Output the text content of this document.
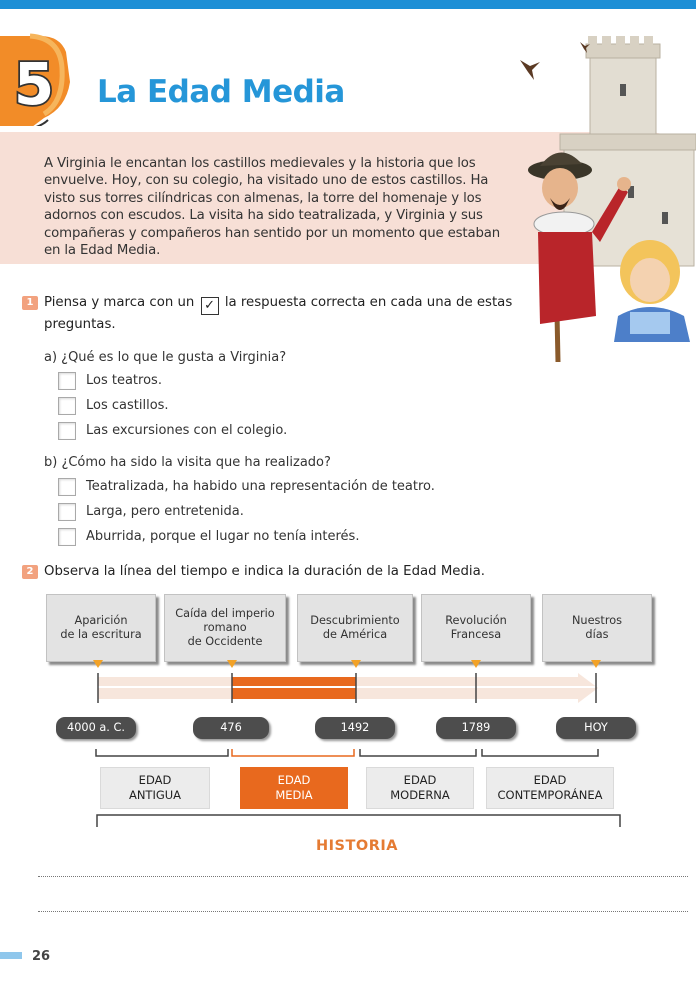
5 La Edad Media
A Virginia le encantan los castillos medievales y la historia que los envuelve. Hoy, con su colegio, ha visitado uno de estos castillos. Ha visto sus torres cilíndricas con almenas, la torre del homenaje y los adornos con escudos. La visita ha sido teatralizada, y Virginia y sus compañeras y compañeros han sentido por un momento que estaban en la Edad Media.
1 Piensa y marca con un ✓ la respuesta correcta en cada una de estas
preguntas.
a) ¿Qué es lo que le gusta a Virginia?
Los teatros.
Los castillos.
Las excursiones con el colegio.
b) ¿Cómo ha sido la visita que ha realizado?
Teatralizada, ha habido una representación de teatro.
Larga, pero entretenida.
Aburrida, porque el lugar no tenía interés.
2 Observa la línea del tiempo e indica la duración de la Edad Media.
Aparición
de la escritura
Caída del imperio
romano
de Occidente
Descubrimiento
de América
Revolución
Francesa
Nuestros
días
4000 a. C.	476	1492	1789	HOY
EDAD
ANTIGUA
EDAD
MEDIA
EDAD
MODERNA
EDAD
CONTEMPORÁNEA
HISTORIA
26
